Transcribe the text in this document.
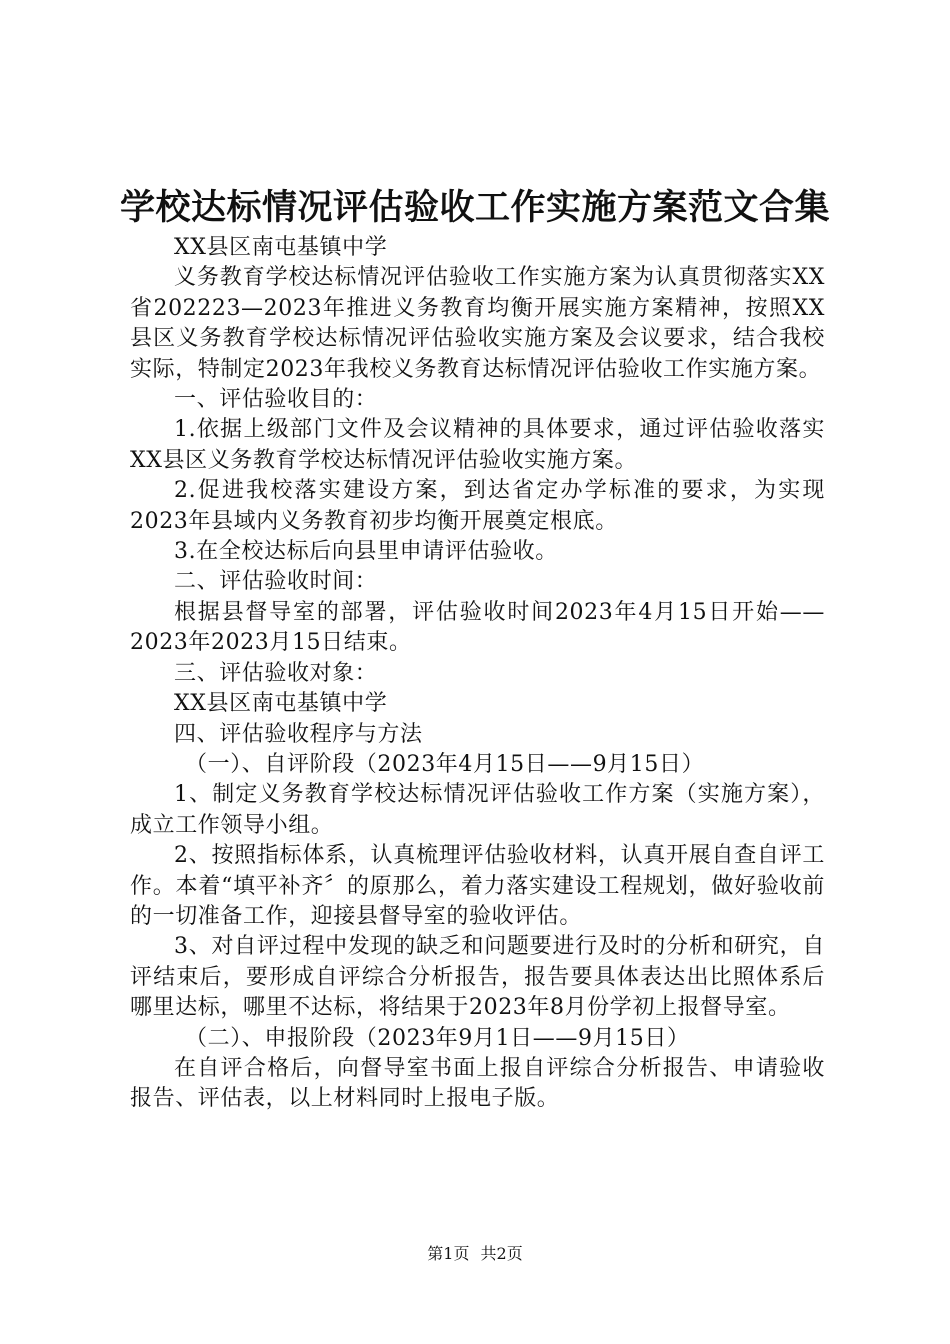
学校达标情况评估验收工作实施方案范文合集

XX县区南屯基镇中学

义务教育学校达标情况评估验收工作实施方案为认真贯彻落实XX省202223—2023年推进义务教育均衡开展实施方案精神，按照XX县区义务教育学校达标情况评估验收实施方案及会议要求，结合我校实际，特制定2023年我校义务教育达标情况评估验收工作实施方案。

一、评估验收目的：

1.依据上级部门文件及会议精神的具体要求，通过评估验收落实XX县区义务教育学校达标情况评估验收实施方案。

2.促进我校落实建设方案，到达省定办学标准的要求，为实现2023年县域内义务教育初步均衡开展奠定根底。

3.在全校达标后向县里申请评估验收。

二、评估验收时间：

根据县督导室的部署，评估验收时间2023年4月15日开始——2023年2023月15日结束。

三、评估验收对象：

XX县区南屯基镇中学

四、评估验收程序与方法

（一）、自评阶段（2023年4月15日——9月15日）

1、制定义务教育学校达标情况评估验收工作方案（实施方案），成立工作领导小组。

2、按照指标体系，认真梳理评估验收材料，认真开展自查自评工作。本着“填平补齐〞的原那么，着力落实建设工程规划，做好验收前的一切准备工作，迎接县督导室的验收评估。

3、对自评过程中发现的缺乏和问题要进行及时的分析和研究，自评结束后，要形成自评综合分析报告，报告要具体表达出比照体系后哪里达标，哪里不达标，将结果于2023年8月份学初上报督导室。

（二）、申报阶段（2023年9月1日——9月15日）

在自评合格后，向督导室书面上报自评综合分析报告、申请验收报告、评估表，以上材料同时上报电子版。

第1页 共2页
